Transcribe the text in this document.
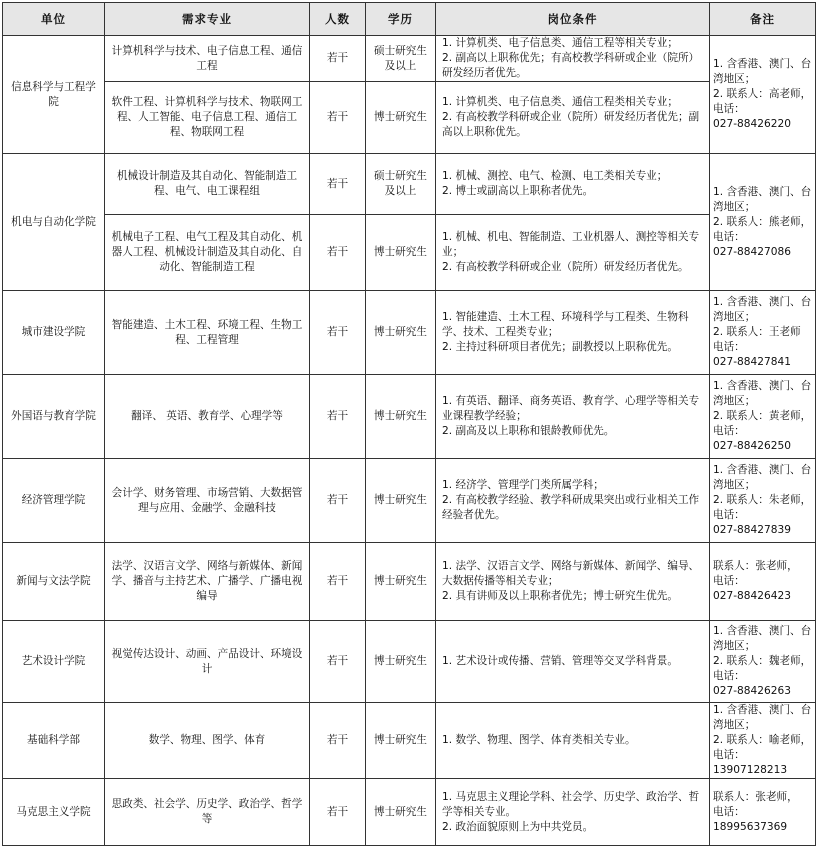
单位	需求专业	人数	学历	岗位条件	备注
信息科学与工程学院	计算机科学与技术、电子信息工程、通信工程	若干	硕士研究生及以上	1. 计算机类、电子信息类、通信工程等相关专业；
2. 副高以上职称优先；有高校教学科研或企业（院所）研发经历者优先。	1. 含香港、澳门、台湾地区；
2. 联系人：高老师，
电话：
027-88426220

	软件工程、计算机科学与技术、物联网工程、人工智能、电子信息工程、通信工程、物联网工程	若干	博士研究生	1. 计算机类、电子信息类、通信工程类相关专业；
2. 有高校教学科研或企业（院所）研发经历者优先；副高以上职称优先。	

机电与自动化学院	机械设计制造及其自动化、智能制造工程、电气、电工课程组	若干	硕士研究生及以上	1. 机械、测控、电气、检测、电工类相关专业；
2. 博士或副高以上职称者优先。	1. 含香港、澳门、台湾地区；
2. 联系人：熊老师，
电话：
027-88427086

	机械电子工程、电气工程及其自动化、机器人工程、机械设计制造及其自动化、自动化、智能制造工程	若干	博士研究生	1. 机械、机电、智能制造、工业机器人、测控等相关专业；
2. 有高校教学科研或企业（院所）研发经历者优先。	

城市建设学院	智能建造、土木工程、环境工程、生物工程、工程管理	若干	博士研究生	1. 智能建造、土木工程、环境科学与工程类、生物科学、技术、工程类专业；
2. 主持过科研项目者优先；副教授以上职称优先。	1. 含香港、澳门、台湾地区；
2. 联系人：王老师
电话：
027-88427841

外国语与教育学院	翻译、 英语、教育学、心理学等	若干	博士研究生	1. 有英语、翻译、商务英语、教育学、心理学等相关专业课程教学经验；
2. 副高及以上职称和银龄教师优先。	1. 含香港、澳门、台湾地区；
2. 联系人：黄老师，
电话：
027-88426250

经济管理学院	会计学、财务管理、市场营销、大数据管理与应用、金融学、金融科技	若干	博士研究生	1. 经济学、管理学门类所属学科；
2. 有高校教学经验、教学科研成果突出或行业相关工作经验者优先。	1. 含香港、澳门、台湾地区；
2. 联系人：朱老师，
电话：
027-88427839

新闻与文法学院	法学、汉语言文学、网络与新媒体、新闻学、播音与主持艺术、广播学、广播电视编导	若干	博士研究生	1. 法学、汉语言文学、网络与新媒体、新闻学、编导、大数据传播等相关专业；
2. 具有讲师及以上职称者优先；博士研究生优先。	联系人：张老师，
电话：
027-88426423

艺术设计学院	视觉传达设计、动画、产品设计、环境设计	若干	博士研究生	1. 艺术设计或传播、营销、管理等交叉学科背景。	1. 含香港、澳门、台湾地区；
2. 联系人：魏老师，
电话：
027-88426263

基础科学部	数学、物理、图学、体育	若干	博士研究生	1. 数学、物理、图学、体育类相关专业。	1. 含香港、澳门、台湾地区；
2. 联系人：喻老师，
电话：13907128213

马克思主义学院	思政类、社会学、历史学、政治学、哲学等	若干	博士研究生	1. 马克思主义理论学科、社会学、历史学、政治学、哲学等相关专业。
2. 政治面貌原则上为中共党员。	联系人：张老师，
电话：18995637369
